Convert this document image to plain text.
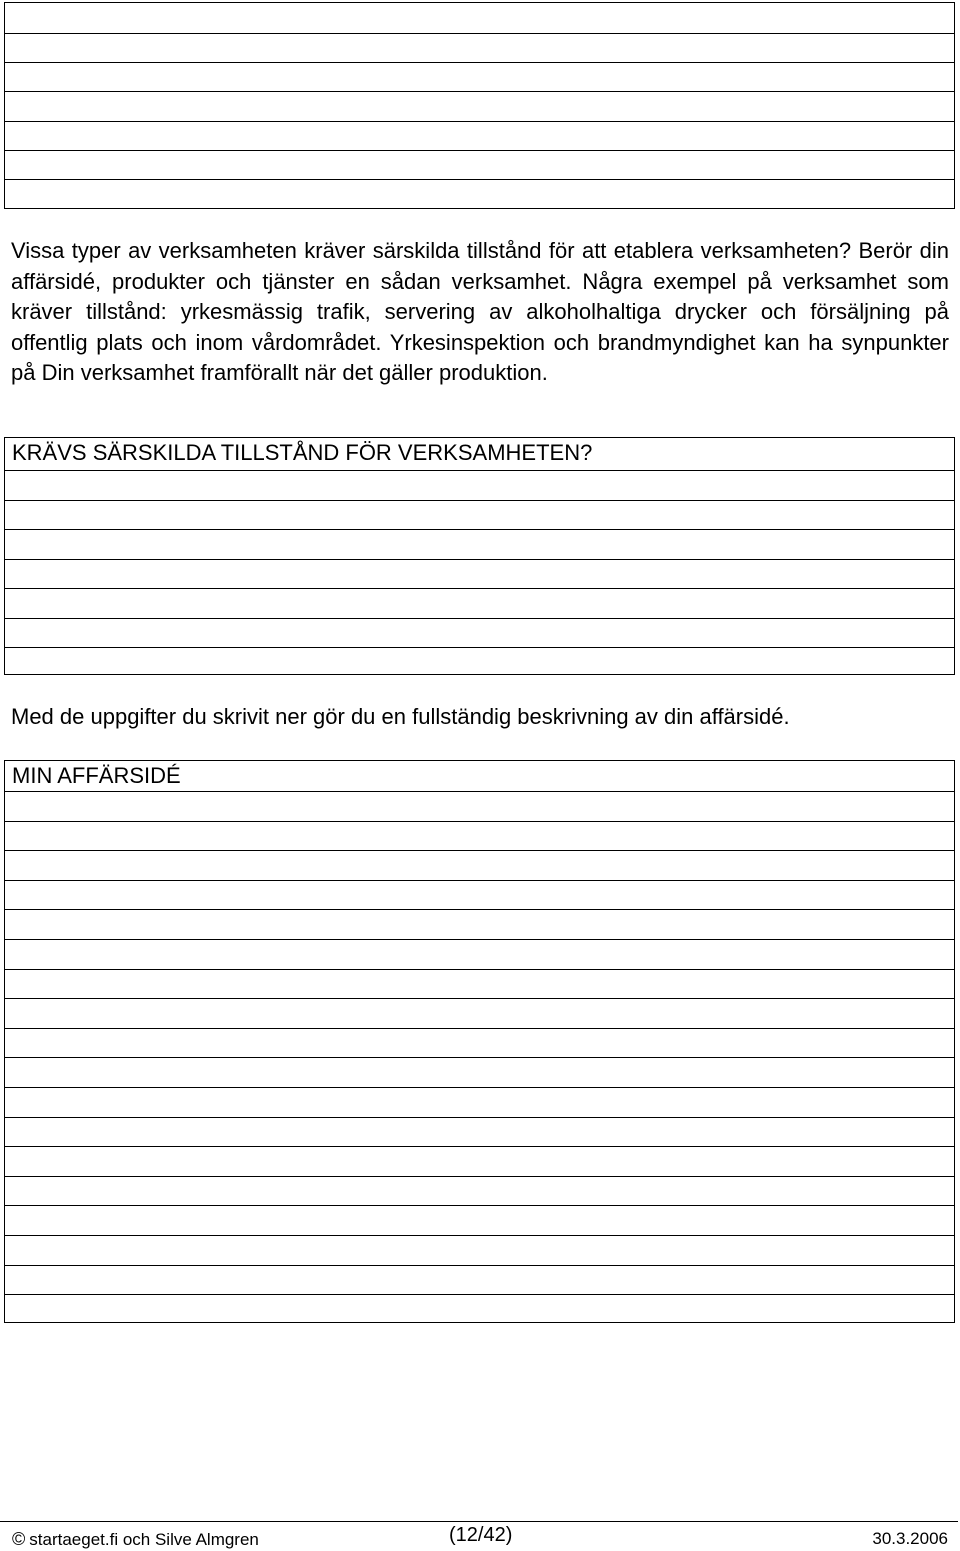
Vissa typer av verksamheten kräver särskilda tillstånd för att etablera verksamheten? Berör din affärsidé, produkter och tjänster en sådan verksamhet. Några exempel på verksamhet som kräver tillstånd: yrkesmässig trafik, servering av alkoholhaltiga drycker och försäljning på offentlig plats och inom vårdområdet. Yrkesinspektion och brandmyndighet kan ha synpunkter på Din verksamhet framförallt när det gäller produktion.

KRÄVS SÄRSKILDA TILLSTÅND FÖR VERKSAMHETEN?

Med de uppgifter du skrivit ner gör du en fullständig beskrivning av din affärsidé.

MIN AFFÄRSIDÉ
© startaeget.fi och Silve Almgren	(12/42)	30.3.2006
